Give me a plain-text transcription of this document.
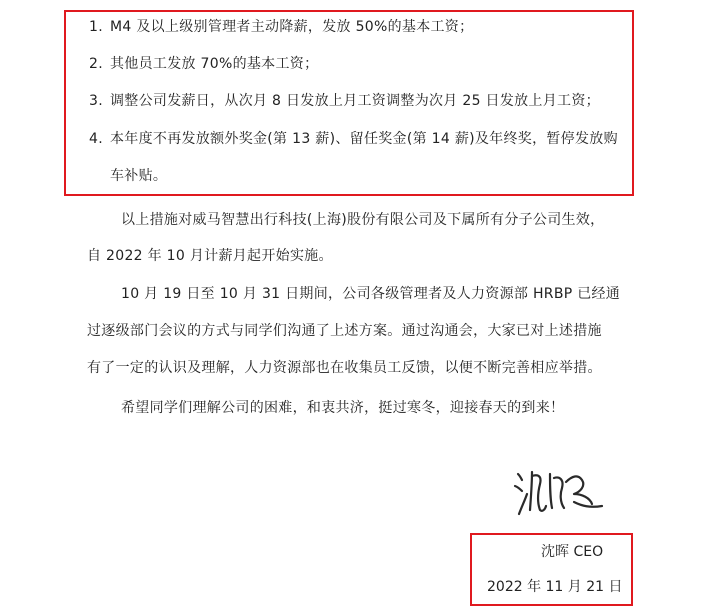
1. M4 及以上级别管理者主动降薪，发放 50%的基本工资；
2. 其他员工发放 70%的基本工资；
3. 调整公司发薪日，从次月 8 日发放上月工资调整为次月 25 日发放上月工资；
4. 本年度不再发放额外奖金(第 13 薪)、留任奖金(第 14 薪)及年终奖，暂停发放购
车补贴。
以上措施对威马智慧出行科技(上海)股份有限公司及下属所有分子公司生效，
自 2022 年 10 月计薪月起开始实施。
10 月 19 日至 10 月 31 日期间，公司各级管理者及人力资源部 HRBP 已经通
过逐级部门会议的方式与同学们沟通了上述方案。通过沟通会，大家已对上述措施
有了一定的认识及理解，人力资源部也在收集员工反馈，以便不断完善相应举措。
希望同学们理解公司的困难，和衷共济，挺过寒冬，迎接春天的到来！
沈晖 CEO
2022 年 11 月 21 日
